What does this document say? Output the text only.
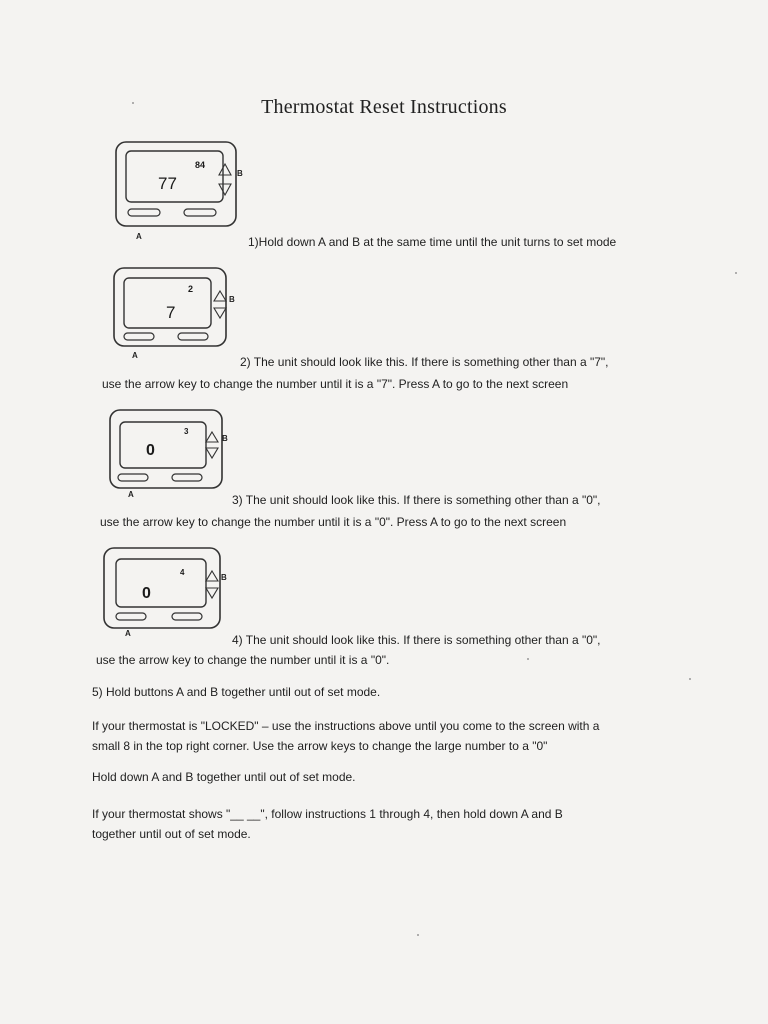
Thermostat Reset Instructions
77
84
B
A	1)Hold down A and B at the same time until the unit turns to set mode
7
2
B
A	2) The unit should look like this. If there is something other than a "7",
use the arrow key to change the number until it is a "7". Press A to go to the next screen
0
3
B
A	3) The unit should look like this. If there is something other than a "0",
use the arrow key to change the number until it is a "0". Press A to go to the next screen
0
4
B
A	4) The unit should look like this. If there is something other than a "0",
use the arrow key to change the number until it is a "0".
5) Hold buttons A and B together until out of set mode.
If your thermostat is "LOCKED" – use the instructions above until you come to the screen with a
small 8 in the top right corner. Use the arrow keys to change the large number to a "0"
Hold down A and B together until out of set mode.
If your thermostat shows "__ __", follow instructions 1 through 4, then hold down A and B
together until out of set mode.
